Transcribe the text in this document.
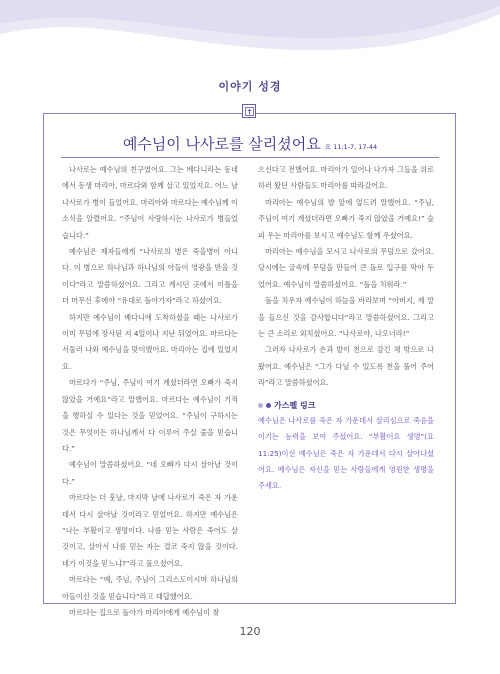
이야기 성경
예수님이 나사로를 살리셨어요 요 11:1-7, 17-44

나사로는 예수님의 친구였어요. 그는 베다니라는 동네에서 동생 마리아, 마르다와 함께 살고 있었지요. 어느 날 나사로가 병이 들었어요. 마리아와 마르다는 예수님께 이 소식을 알렸어요. “주님이 사랑하시는 나사로가 병들었습니다.”

예수님은 제자들에게 “나사로의 병은 죽을병이 아니다. 이 병으로 하나님과 하나님의 아들이 영광을 받을 것이다”라고 말씀하셨어요. 그리고 계시던 곳에서 이틀을 더 머무신 후에야 “유대로 돌아가자”라고 하셨어요.

하지만 예수님이 베다니에 도착하셨을 때는 나사로가 이미 무덤에 장사된 지 4일이나 지난 뒤였어요. 마르다는 서둘러 나와 예수님을 맞이했어요. 마리아는 집에 있었지요.

마르다가 “주님, 주님이 여기 계셨더라면 오빠가 죽지 않았을 거예요”라고 말했어요. 마르다는 예수님이 기적을 행하실 수 있다는 것을 믿었어요. “주님이 구하시는 것은 무엇이든 하나님께서 다 이루어 주실 줄을 믿습니다.”

예수님이 말씀하셨어요. “네 오빠가 다시 살아날 것이다.”

마르다는 더 훗날, 마지막 날에 나사로가 죽은 자 가운데서 다시 살아날 것이라고 믿었어요. 하지만 예수님은 “나는 부활이고 생명이다. 나를 믿는 사람은 죽어도 살 것이고, 살아서 나를 믿는 자는 결코 죽지 않을 것이다. 네가 이것을 믿느냐?”라고 물으셨어요.

마르다는 “예, 주님, 주님이 그리스도이시며 하나님의 아들이신 것을 믿습니다”라고 대답했어요.

마르다는 집으로 돌아가 마리아에게 예수님이 찾

으신다고 전했어요. 마리아가 일어나 나가자 그들을 위로하러 왔던 사람들도 마리아를 따라갔어요.

마리아는 예수님의 발 앞에 엎드려 말했어요. “주님, 주님이 여기 계셨더라면 오빠가 죽지 않았을 거예요!” 슬피 우는 마리아를 보시고 예수님도 함께 우셨어요.

마리아는 예수님을 모시고 나사로의 무덤으로 갔어요. 당시에는 굴속에 무덤을 만들어 큰 돌로 입구를 막아 두었어요. 예수님이 말씀하셨어요. “돌을 치워라.”

돌을 치우자 예수님이 하늘을 바라보며 “아버지, 제 말을 들으신 것을 감사합니다”라고 말씀하셨어요. 그리고는 큰 소리로 외치셨어요. “나사로야, 나오너라!”

그러자 나사로가 손과 발이 천으로 감긴 채 밖으로 나왔어요. 예수님은 “그가 다닐 수 있도록 천을 풀어 주어라”라고 말씀하셨어요.

가스펠 링크
예수님은 나사로를 죽은 자 가운데서 살리심으로 죽음을 이기는 능력을 보여 주셨어요. “부활이요 생명”(요 11:25)이신 예수님은 죽은 자 가운데서 다시 살아나셨어요. 예수님은 자신을 믿는 사람들에게 영원한 생명을 주세요.
120
